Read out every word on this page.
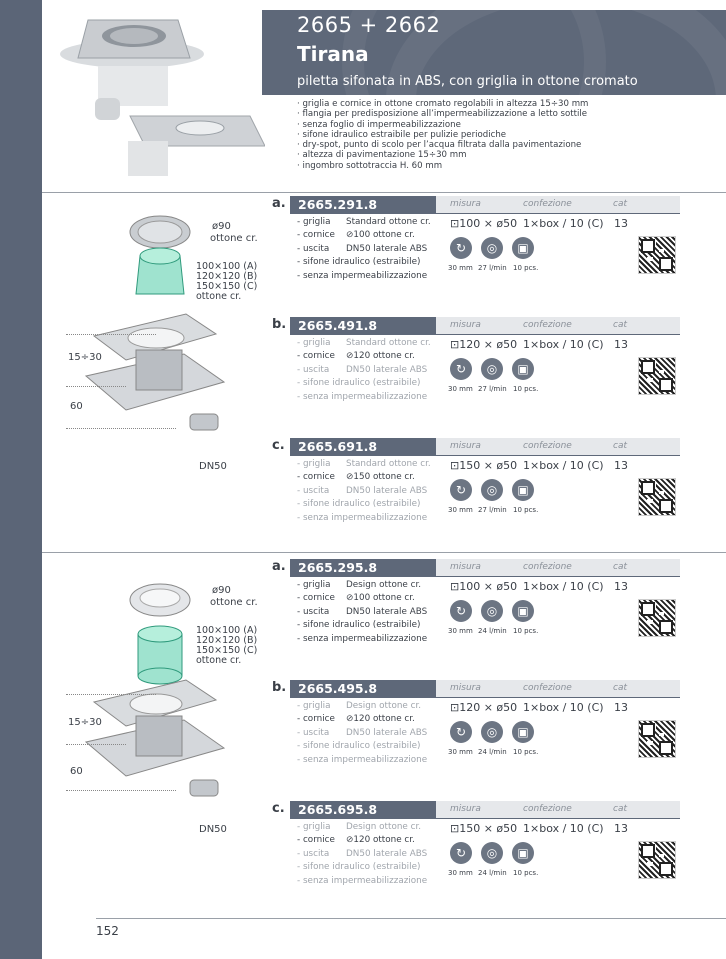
2665 + 2662
Tirana
piletta sifonata in ABS, con griglia in ottone cromato
· griglia e cornice in ottone cromato regolabili in altezza 15÷30 mm
· flangia per predisposizione all’impermeabilizzazione a letto sottile
· senza foglio di impermeabilizzazione
· sifone idraulico estraibile per pulizie periodiche
· dry-spot, punto di scolo per l’acqua filtrata dalla pavimentazione
· altezza di pavimentazione 15÷30 mm
· ingombro sottotraccia H. 60 mm
ø90
ottone cr.
100×100 (A)
120×120 (B)
150×150 (C)
ottone cr.
15÷30
60
DN50
ø90
ottone cr.
100×100 (A)
120×120 (B)
150×150 (C)
ottone cr.
15÷30
60
DN50
a. 2665.291.8	misura	confezione	cat
- griglia Standard ottone cr.
- cornice ⊘100 ottone cr.
- uscita DN50 laterale ABS
- sifone idraulico (estraibile)
- senza impermeabilizzazione
⊡100 × ø50 1×box / 10 (C) 13
↻	◎	▣
30 mm 27 l/min 10 pcs.
b. 2665.491.8	misura	confezione	cat
- griglia Standard ottone cr.
- cornice ⊘120 ottone cr.
- uscita DN50 laterale ABS
- sifone idraulico (estraibile)
- senza impermeabilizzazione
⊡120 × ø50 1×box / 10 (C) 13
↻	◎	▣
30 mm 27 l/min 10 pcs.
c.	2665.691.8	misura	confezione	cat
- griglia Standard ottone cr.
- cornice ⊘150 ottone cr.
- uscita DN50 laterale ABS
- sifone idraulico (estraibile)
- senza impermeabilizzazione
⊡150 × ø50 1×box / 10 (C) 13
↻	◎	▣
30 mm 27 l/min 10 pcs.
a. 2665.295.8	misura	confezione	cat
- griglia Design ottone cr.
- cornice ⊘100 ottone cr.
- uscita DN50 laterale ABS
- sifone idraulico (estraibile)
- senza impermeabilizzazione
⊡100 × ø50 1×box / 10 (C) 13
↻	◎	▣
30 mm 24 l/min 10 pcs.
b. 2665.495.8	misura	confezione	cat
- griglia Design ottone cr.
- cornice ⊘120 ottone cr.
- uscita DN50 laterale ABS
- sifone idraulico (estraibile)
- senza impermeabilizzazione
⊡120 × ø50 1×box / 10 (C) 13
↻	◎	▣
30 mm 24 l/min 10 pcs.
c.	2665.695.8	misura	confezione	cat
- griglia Design ottone cr.
- cornice ⊘120 ottone cr.
- uscita DN50 laterale ABS
- sifone idraulico (estraibile)
- senza impermeabilizzazione
⊡150 × ø50 1×box / 10 (C) 13
↻	◎	▣
30 mm 24 l/min 10 pcs.
152
